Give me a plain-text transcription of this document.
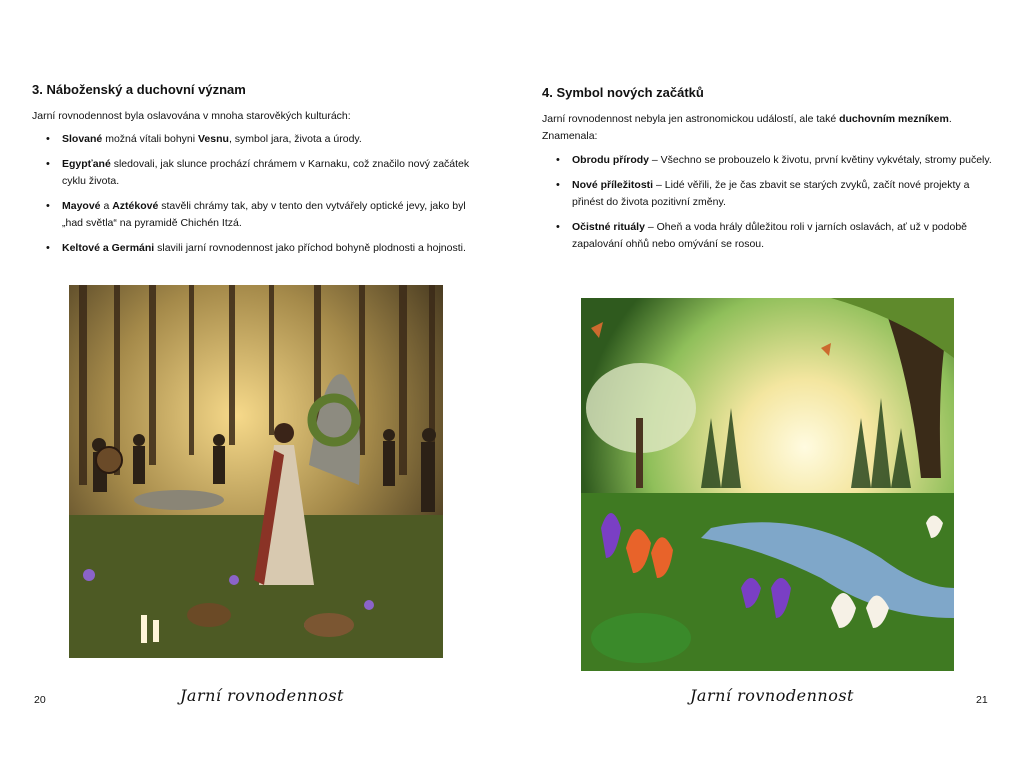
3. Náboženský a duchovní význam

Jarní rovnodennost byla oslavována v mnoha starověkých kulturách:

• Slované možná vítali bohyni Vesnu, symbol jara, života a úrody.
• Egypťané sledovali, jak slunce prochází chrámem v Karnaku, což značilo nový začátek cyklu života.
• Mayové a Aztékové stavěli chrámy tak, aby v tento den vytvářely optické jevy, jako byl „had světla“ na pyramidě Chichén Itzá.
• Keltové a Germáni slavili jarní rovnodennost jako příchod bohyně plodnosti a hojnosti.
Jarní rovnodennost
20
4. Symbol nových začátků

Jarní rovnodennost nebyla jen astronomickou událostí, ale také duchovním mezníkem. Znamenala:

• Obrodu přírody – Všechno se probouzelo k životu, první květiny vykvétaly, stromy pučely.
• Nové příležitosti – Lidé věřili, že je čas zbavit se starých zvyků, začít nové projekty a přinést do života pozitivní změny.
• Očistné rituály – Oheň a voda hrály důležitou roli v jarních oslavách, ať už v podobě zapalování ohňů nebo omývání se rosou.
Jarní rovnodennost	21
